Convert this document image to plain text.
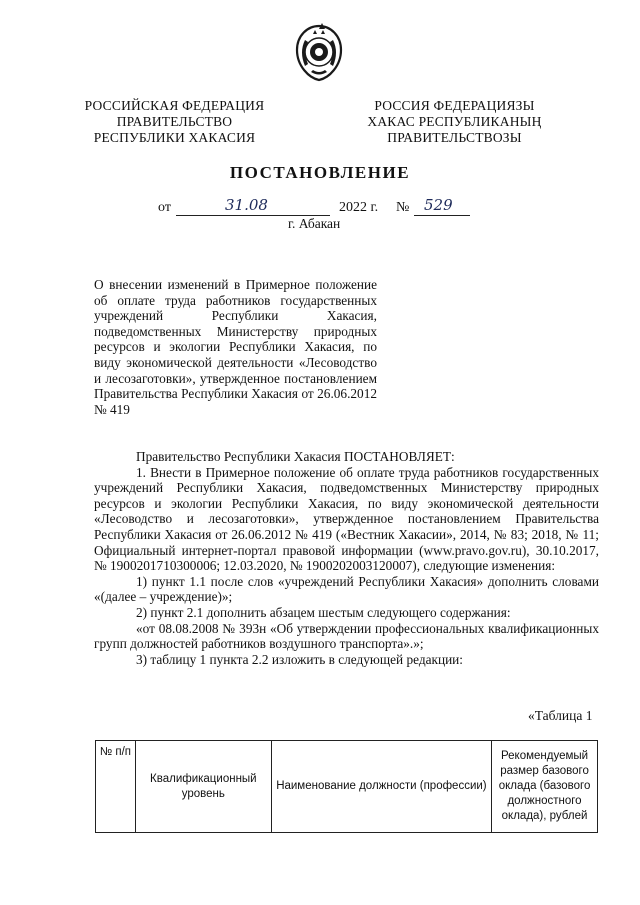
РОССИЙСКАЯ ФЕДЕРАЦИЯ
ПРАВИТЕЛЬСТВО
РЕСПУБЛИКИ ХАКАСИЯ
РОССИЯ ФЕДЕРАЦИЯЗЫ
ХАКАС РЕСПУБЛИКАНЫҢ
ПРАВИТЕЛЬСТВОЗЫ
ПОСТАНОВЛЕНИЕ
от	31.08	2022 г. № 529
г. Абакан
О внесении изменений в Примерное положение об оплате труда работников государственных учреждений Республики Хакасия, подведомственных Министерству природных ресурсов и экологии Республики Хакасия, по виду экономической деятельности «Лесоводство и лесозаготовки», утвержденное постановлением Правительства Республики Хакасия от 26.06.2012 № 419

Правительство Республики Хакасия ПОСТАНОВЛЯЕТ:

1. Внести в Примерное положение об оплате труда работников государственных учреждений Республики Хакасия, подведомственных Министерству природных ресурсов и экологии Республики Хакасия, по виду экономической деятельности «Лесоводство и лесозаготовки», утвержденное постановлением Правительства Республики Хакасия от 26.06.2012 № 419 («Вестник Хакасии», 2014, № 83; 2018, № 11; Официальный интернет-портал правовой информации (www.pravo.gov.ru), 30.10.2017, № 1900201710300006; 12.03.2020, № 1900202003120007), следующие изменения:

1) пункт 1.1 после слов «учреждений Республики Хакасия» дополнить словами «(далее – учреждение)»;

2) пункт 2.1 дополнить абзацем шестым следующего содержания:

«от 08.08.2008 № 393н «Об утверждении профессиональных квалификационных групп должностей работников воздушного транспорта».»;

3) таблицу 1 пункта 2.2 изложить в следующей редакции:

«Таблица 1
№ п/п	Квалификационный уровень	Наименование должности (профессии)	Рекомендуемый размер базового оклада (базового должностного оклада), рублей
